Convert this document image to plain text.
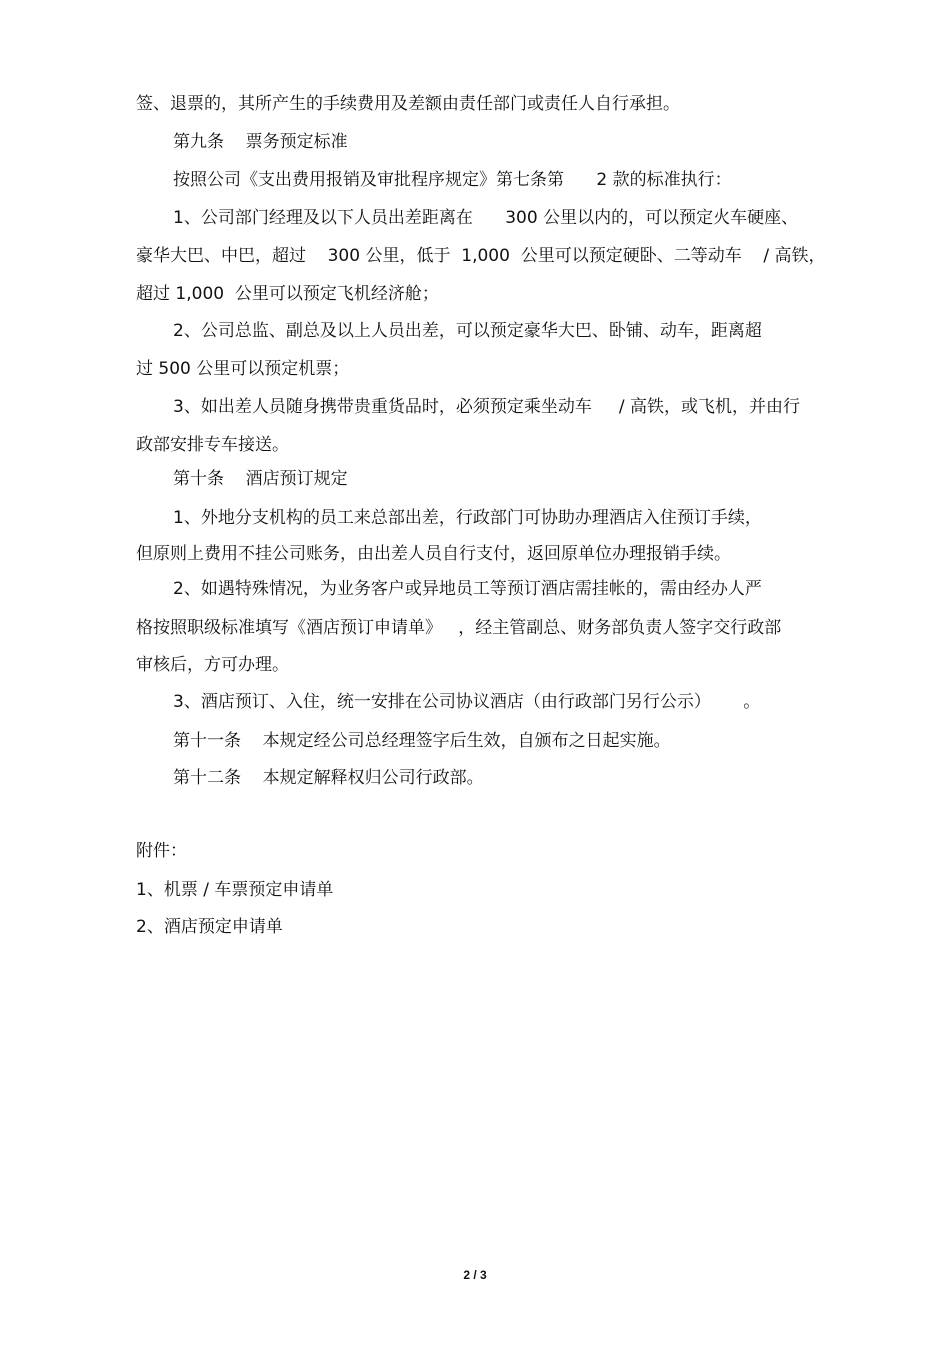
签、退票的，其所产生的手续费用及差额由责任部门或责任人自行承担。
第九条    票务预定标准
按照公司《支出费用报销及审批程序规定》第七条第      2 款的标准执行：
1、公司部门经理及以下人员出差距离在      300 公里以内的，可以预定火车硬座、
豪华大巴、中巴，超过    300 公里，低于  1,000  公里可以预定硬卧、二等动车    / 高铁，
超过 1,000  公里可以预定飞机经济舱；
2、公司总监、副总及以上人员出差，可以预定豪华大巴、卧铺、动车，距离超
过 500 公里可以预定机票；
3、如出差人员随身携带贵重货品时，必须预定乘坐动车     / 高铁，或飞机，并由行
政部安排专车接送。
第十条    酒店预订规定
1、外地分支机构的员工来总部出差，行政部门可协助办理酒店入住预订手续，
但原则上费用不挂公司账务，由出差人员自行支付，返回原单位办理报销手续。
2、如遇特殊情况，为业务客户或异地员工等预订酒店需挂帐的，需由经办人严
格按照职级标准填写《酒店预订申请单》   ，经主管副总、财务部负责人签字交行政部
审核后，方可办理。
3、酒店预订、入住，统一安排在公司协议酒店（由行政部门另行公示）      。
第十一条    本规定经公司总经理签字后生效，自颁布之日起实施。
第十二条    本规定解释权归公司行政部。
附件：
1、机票 / 车票预定申请单
2、酒店预定申请单
2 / 3
